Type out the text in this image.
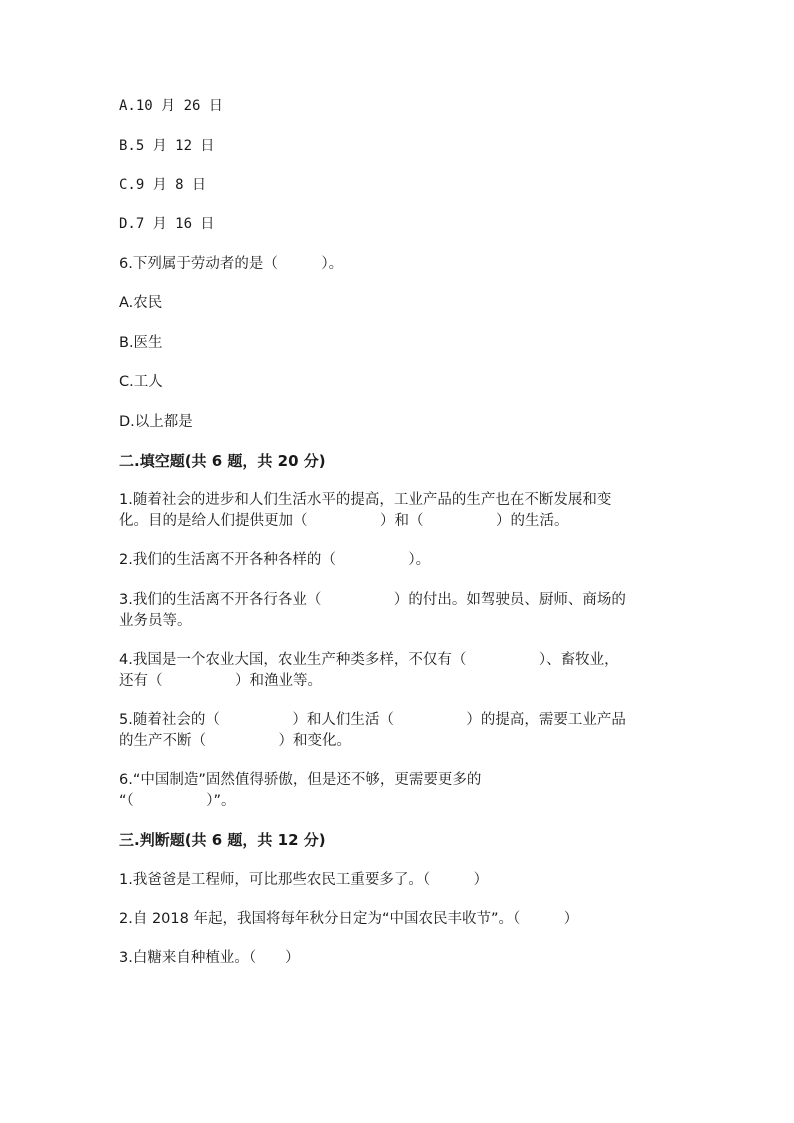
A.10 月 26 日
B.5 月 12 日
C.9 月 8 日
D.7 月 16 日
6.下列属于劳动者的是（　　　）。
A.农民
B.医生
C.工人
D.以上都是
二.填空题(共 6 题，共 20 分)
1.随着社会的进步和人们生活水平的提高，工业产品的生产也在不断发展和变
化。目的是给人们提供更加（　　　　　）和（　　　　　）的生活。
2.我们的生活离不开各种各样的（　　　　　）。
3.我们的生活离不开各行各业（　　　　　）的付出。如驾驶员、厨师、商场的
业务员等。
4.我国是一个农业大国，农业生产种类多样，不仅有（　　　　　）、畜牧业，
还有（　　　　　）和渔业等。
5.随着社会的（　　　　　）和人们生活（　　　　　）的提高，需要工业产品
的生产不断（　　　　　）和变化。
6.“中国制造”固然值得骄傲，但是还不够，更需要更多的
“（　　　　　）”。
三.判断题(共 6 题，共 12 分)
1.我爸爸是工程师，可比那些农民工重要多了。（　　　）
2.自 2018 年起，我国将每年秋分日定为“中国农民丰收节”。（　　　）
3.白糖来自种植业。（　　）
